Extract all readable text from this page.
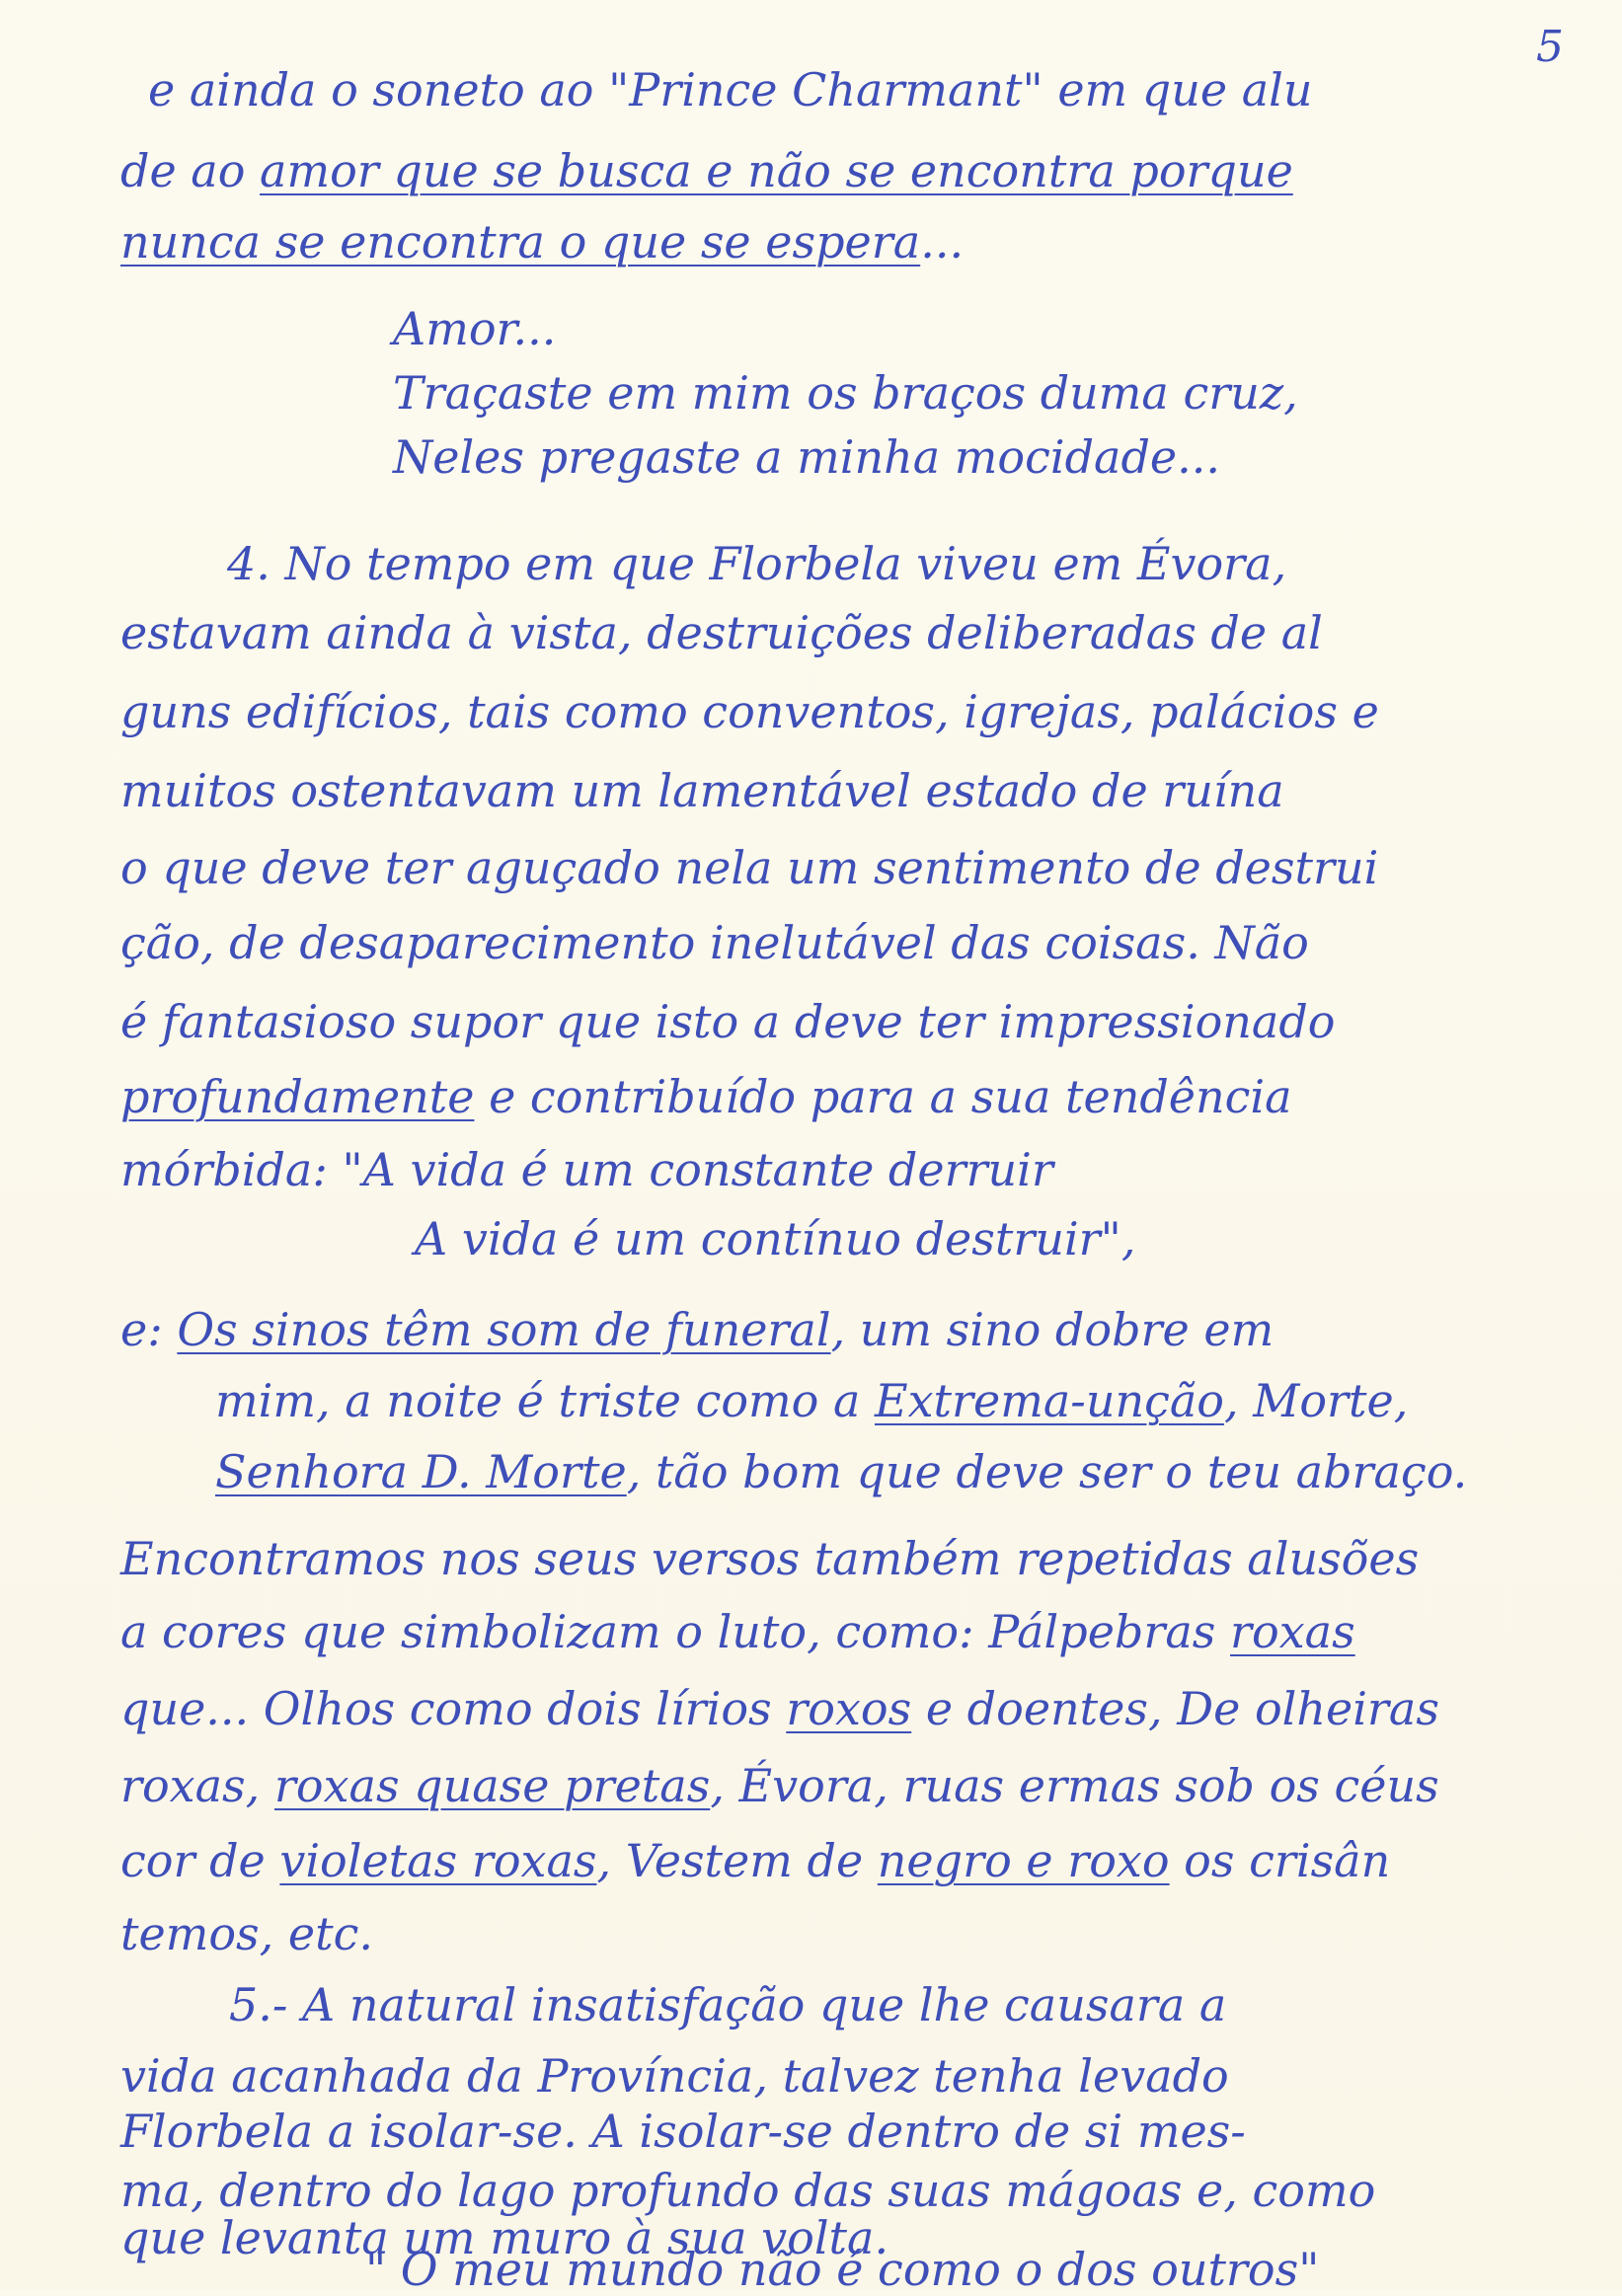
5
e ainda o soneto ao "Prince Charmant" em que alu
de ao amor que se busca e não se encontra porque
nunca se encontra o que se espera...
Amor...
Traçaste em mim os braços duma cruz,
Neles pregaste a minha mocidade...
4. No tempo em que Florbela viveu em Évora,
estavam ainda à vista, destruições deliberadas de al
guns edifícios, tais como conventos, igrejas, palácios e
muitos ostentavam um lamentável estado de ruína
o que deve ter aguçado nela um sentimento de destrui
ção, de desaparecimento inelutável das coisas. Não
é fantasioso supor que isto a deve ter impressionado
profundamente e contribuído para a sua tendência
mórbida: "A vida é um constante derruir
A vida é um contínuo destruir",
e: Os sinos têm som de funeral, um sino dobre em
mim, a noite é triste como a Extrema-unção, Morte,
Senhora D. Morte, tão bom que deve ser o teu abraço.
Encontramos nos seus versos também repetidas alusões
a cores que simbolizam o luto, como: Pálpebras roxas
que... Olhos como dois lírios roxos e doentes, De olheiras
roxas, roxas quase pretas, Évora, ruas ermas sob os céus
cor de violetas roxas, Vestem de negro e roxo os crisân
temos, etc.
5.- A natural insatisfação que lhe causara a
vida acanhada da Província, talvez tenha levado
Florbela a isolar-se. A isolar-se dentro de si mes-
ma, dentro do lago profundo das suas mágoas e, como
que levanta um muro à sua volta.
" O meu mundo não é como o dos outros"
